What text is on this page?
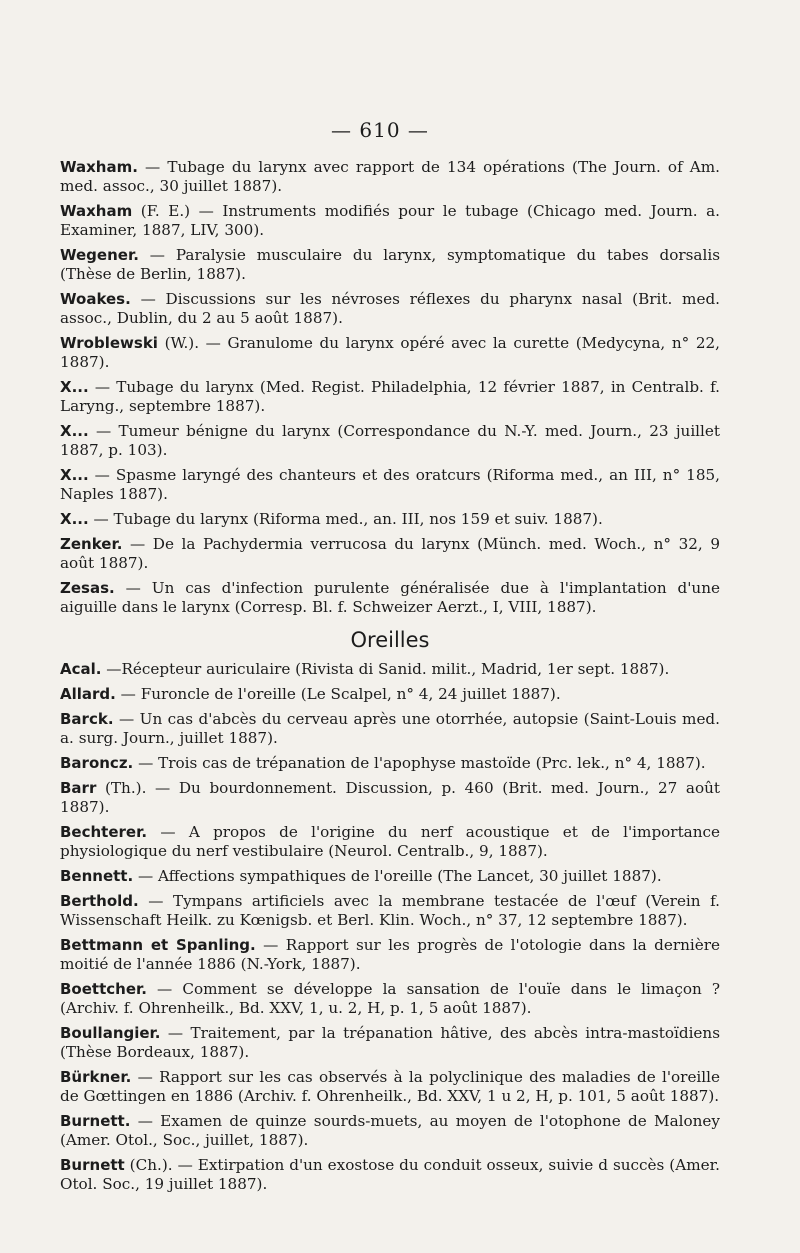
— 610 —

Waxham. — Tubage du larynx avec rapport de 134 opérations (The Journ. of Am. med. assoc., 30 juillet 1887).

Waxham (F. E.) — Instruments modifiés pour le tubage (Chicago med. Journ. a. Examiner, 1887, LIV, 300).

Wegener. — Paralysie musculaire du larynx, symptomatique du tabes dorsalis (Thèse de Berlin, 1887).

Woakes. — Discussions sur les névroses réflexes du pharynx nasal (Brit. med. assoc., Dublin, du 2 au 5 août 1887).

Wroblewski (W.). — Granulome du larynx opéré avec la curette (Medycyna, n° 22, 1887).

X... — Tubage du larynx (Med. Regist. Philadelphia, 12 février 1887, in Centralb. f. Laryng., septembre 1887).

X... — Tumeur bénigne du larynx (Correspondance du N.-Y. med. Journ., 23 juillet 1887, p. 103).

X... — Spasme laryngé des chanteurs et des oratcurs (Riforma med., an III, n° 185, Naples 1887).

X... — Tubage du larynx (Riforma med., an. III, nos 159 et suiv. 1887).

Zenker. — De la Pachydermia verrucosa du larynx (Münch. med. Woch., n° 32, 9 août 1887).

Zesas. — Un cas d'infection purulente généralisée due à l'implantation d'une aiguille dans le larynx (Corresp. Bl. f. Schweizer Aerzt., I, VIII, 1887).

Oreilles

Acal. —Récepteur auriculaire (Rivista di Sanid. milit., Madrid, 1er sept. 1887).

Allard. — Furoncle de l'oreille (Le Scalpel, n° 4, 24 juillet 1887).

Barck. — Un cas d'abcès du cerveau après une otorrhée, autopsie (Saint-Louis med. a. surg. Journ., juillet 1887).

Baroncz. — Trois cas de trépanation de l'apophyse mastoïde (Prc. lek., n° 4, 1887).

Barr (Th.). — Du bourdonnement. Discussion, p. 460 (Brit. med. Journ., 27 août 1887).

Bechterer. — A propos de l'origine du nerf acoustique et de l'importance physiologique du nerf vestibulaire (Neurol. Centralb., 9, 1887).

Bennett. — Affections sympathiques de l'oreille (The Lancet, 30 juillet 1887).

Berthold. — Tympans artificiels avec la membrane testacée de l'œuf (Verein f. Wissenschaft Heilk. zu Kœnigsb. et Berl. Klin. Woch., n° 37, 12 septembre 1887).

Bettmann et Spanling. — Rapport sur les progrès de l'otologie dans la dernière moitié de l'année 1886 (N.-York, 1887).

Boettcher. — Comment se développe la sansation de l'ouïe dans le limaçon ? (Archiv. f. Ohrenheilk., Bd. XXV, 1, u. 2, H, p. 1, 5 août 1887).

Boullangier. — Traitement, par la trépanation hâtive, des abcès intra-mastoïdiens (Thèse Bordeaux, 1887).

Bürkner. — Rapport sur les cas observés à la polyclinique des maladies de l'oreille de Gœttingen en 1886 (Archiv. f. Ohrenheilk., Bd. XXV, 1 u 2, H, p. 101, 5 août 1887).

Burnett. — Examen de quinze sourds-muets, au moyen de l'otophone de Maloney (Amer. Otol., Soc., juillet, 1887).

Burnett (Ch.). — Extirpation d'un exostose du conduit osseux, suivie d succès (Amer. Otol. Soc., 19 juillet 1887).
